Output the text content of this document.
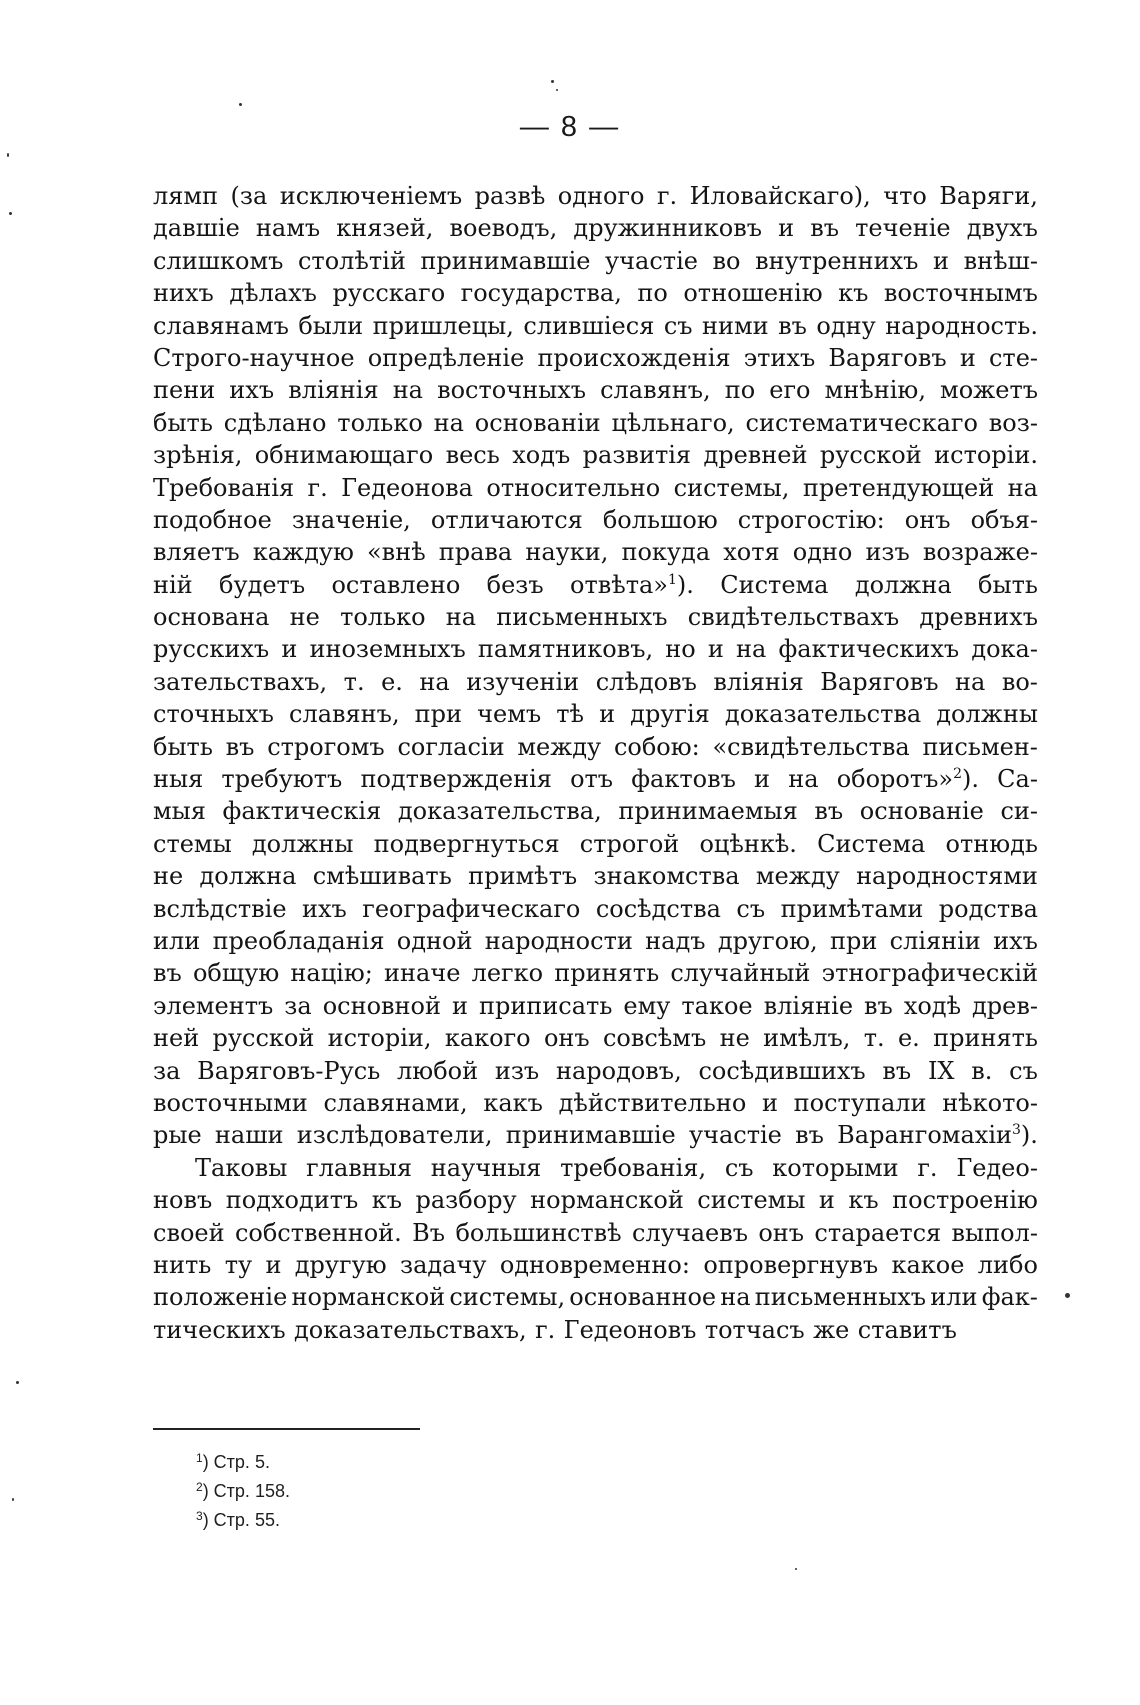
— 8 —
лямп (за исключеніемъ развѣ одного г. Иловайскаго), что Варяги,
давшіе намъ князей, воеводъ, дружинниковъ и въ теченіе двухъ
слишкомъ столѣтій принимавшіе участіе во внутреннихъ и внѣш-
нихъ дѣлахъ русскаго государства, по отношенію къ восточнымъ
славянамъ были пришлецы, слившіеся съ ними въ одну народность.
Строго-научное опредѣленіе происхожденія этихъ Варяговъ и сте-
пени ихъ вліянія на восточныхъ славянъ, по его мнѣнію, можетъ
быть сдѣлано только на основаніи цѣльнаго, систематическаго воз-
зрѣнія, обнимающаго весь ходъ развитія древней русской исторіи.
Требованія г. Гедеонова относительно системы, претендующей на
подобное значеніе, отличаются большою строгостію: онъ объя-
вляетъ каждую «внѣ права науки, покуда хотя одно изъ возраже-
ній будетъ оставлено безъ отвѣта»$^1$). Система должна быть
основана не только на письменныхъ свидѣтельствахъ древнихъ
русскихъ и иноземныхъ памятниковъ, но и на фактическихъ дока-
зательствахъ, т. е. на изученіи слѣдовъ вліянія Варяговъ на во-
сточныхъ славянъ, при чемъ тѣ и другія доказательства должны
быть въ строгомъ согласіи между собою: «свидѣтельства письмен-
ныя требуютъ подтвержденія отъ фактовъ и на оборотъ»$^2$). Са-
мыя фактическія доказательства, принимаемыя въ основаніе си-
стемы должны подвергнуться строгой оцѣнкѣ. Система отнюдь
не должна смѣшивать примѣтъ знакомства между народностями
вслѣдствіе ихъ географическаго сосѣдства съ примѣтами родства
или преобладанія одной народности надъ другою, при сліяніи ихъ
въ общую націю; иначе легко принять случайный этнографическій
элементъ за основной и приписать ему такое вліяніе въ ходѣ древ-
ней русской исторіи, какого онъ совсѣмъ не имѣлъ, т. е. принять
за Варяговъ-Русь любой изъ народовъ, сосѣдившихъ въ IX в. съ
восточными славянами, какъ дѣйствительно и поступали нѣкото-
рые наши изслѣдователи, принимавшіе участіе въ Варангомахіи$^3$).
Таковы главныя научныя требованія, съ которыми г. Гедео-
новъ подходитъ къ разбору норманской системы и къ построенію
своей собственной. Въ большинствѣ случаевъ онъ старается выпол-
нить ту и другую задачу одновременно: опровергнувъ какое либо
положеніе норманской системы, основанное на письменныхъ или фак-
тическихъ доказательствахъ, г. Гедеоновъ тотчасъ же ставитъ
$^1$) Стр. 5.
$^2$) Стр. 158.
$^3$) Стр. 55.
